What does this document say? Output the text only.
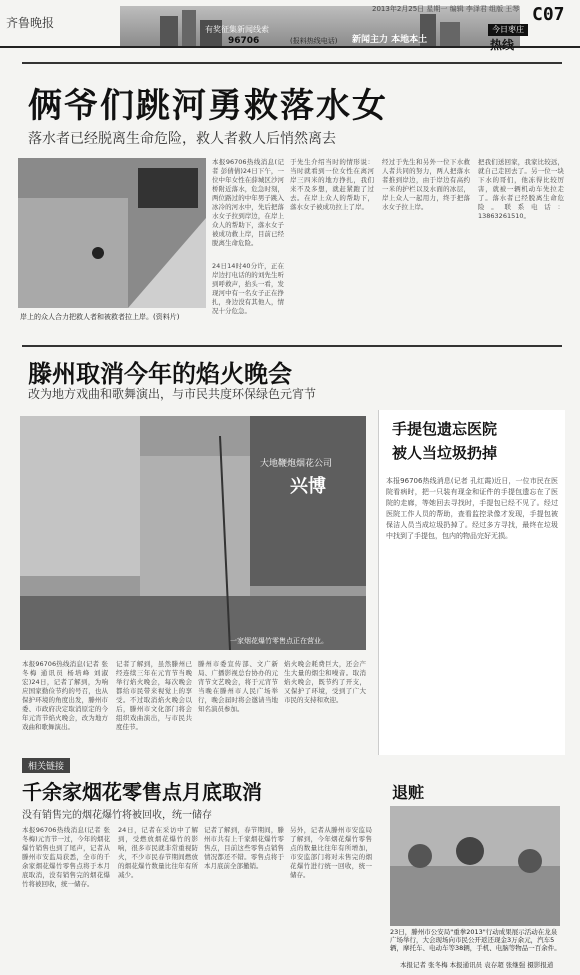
齐鲁晚报	有奖征集新闻线索
96706	(报料热线电话) 新闻主力 本地本土
2013年2月25日 星期一 编辑 李泽君 组版 王琴 C07
今日枣庄
热线
俩爷们跳河勇救落水女
落水者已经脱离生命危险，救人者救人后悄然离去
岸上的众人合力把救人者和被救者拉上岸。(资料片)
本报96706热线消息(记者 彭倩倩)24日下午，一位中年女性在薛城区沙河桥附近落水，危急时刻，两位路过的中年男子跳入冰冷的河水中，先后把落水女子拉到岸边，在岸上众人的帮助下，落水女子被成功救上岸，目前已经脱离生命危险。
24日14时40分许，正在岸边打电话的的刘先生听到呼救声，抬头一看，发现河中有一名女子正在挣扎，身边没有其他人，情况十分危急。
于先生介绍当时的情形说：当时就看到一位女性在离河岸三四米的地方挣扎，我们来不及多想，就赶紧跑了过去。在岸上众人的帮助下，落水女子被成功拉上了岸。
经过于先生和另外一位下水救人者共同的努力，两人把落水者推到岸边，由于岸边有高约一米的护栏以及水面的冰层，岸上众人一起用力，终于把落水女子拉上岸。
把我们送回家，我家比较远，就自己走回去了。另一位一块下水的哥们，他冻得比较厉害，就被一辆机动车先拉走了。落水者已经脱离生命危险。联系电话：13863261510。
滕州取消今年的焰火晚会
改为地方戏曲和歌舞演出，与市民共度环保绿色元宵节
大地鞭炮烟花公司
兴博
一家烟花爆竹零售点正在营业。
本报96706热线消息(记者 张冬梅 通讯员 杨培峰 刘淑宏)24日，记者了解到，为响应国家勤俭节约的号召，也从保护环境的角度出发，滕州市委、市政府决定取消原定的今年元宵节焰火晚会，改为地方戏曲和歌舞演出。
记者了解到，虽然滕州已经连续三年在元宵节当晚举行焰火晚会，每次晚会都给市民带来视觉上的享受。不过取消焰火晚会以后，滕州市文化部门将会组织戏曲演出，与市民共度佳节。
滕州市委宣传部、文广新局、广播影视总台协办的元宵节文艺晚会，将于元宵节当晚在滕州市人民广场举行，晚会届时将会邀请当地知名演员参加。
焰火晚会耗费巨大，还会产生大量的烟尘和噪音。取消焰火晚会，既节约了开支，又保护了环境，受到了广大市民的支持和欢迎。
手提包遗忘医院
被人当垃圾扔掉
本报96706热线消息(记者 孔红霞)近日，一位市民在医院看病时，把一只装有现金和证件的手提包遗忘在了医院的走廊，等她回去寻找时，手提包已经不见了。经过医院工作人员的帮助，查看监控录像才发现，手提包被保洁人员当成垃圾扔掉了。经过多方寻找，最终在垃圾中找到了手提包，包内的物品完好无损。
相关链接
千余家烟花零售点月底取消
没有销售完的烟花爆竹将被回收，统一储存
本报96706热线消息(记者 张冬梅)元宵节一过，今年的烟花爆竹销售也到了尾声，记者从滕州市安监局获悉，全市的千余家烟花爆竹零售点将于本月底取消，没有销售完的烟花爆竹将被回收，统一储存。
24日，记者在采访中了解到，受燃放烟花爆竹的影响，很多市民就非常重视防火，不少市民春节期间燃放的烟花爆竹数量比往年有所减少。
记者了解到，春节期间，滕州市共有上千家烟花爆竹零售点，目前这些零售点销售情况都还不错。零售点将于本月底前全部撤销。
另外，记者从滕州市安监局了解到，今年烟花爆竹零售点的数量比往年有所增加，市安监部门将对未售完的烟花爆竹进行统一回收，统一储存。
退赃
23日，滕州市公安局"重拳2013"行动成果展示活动在龙泉广场举行，大会现场向市民公开返还现金3万余元，汽车5辆，摩托车、电动车等38辆，手机、电脑等物品一百余件。
本报记者 张冬梅 本报通讯员 袁存超 张继强 摄影报道
